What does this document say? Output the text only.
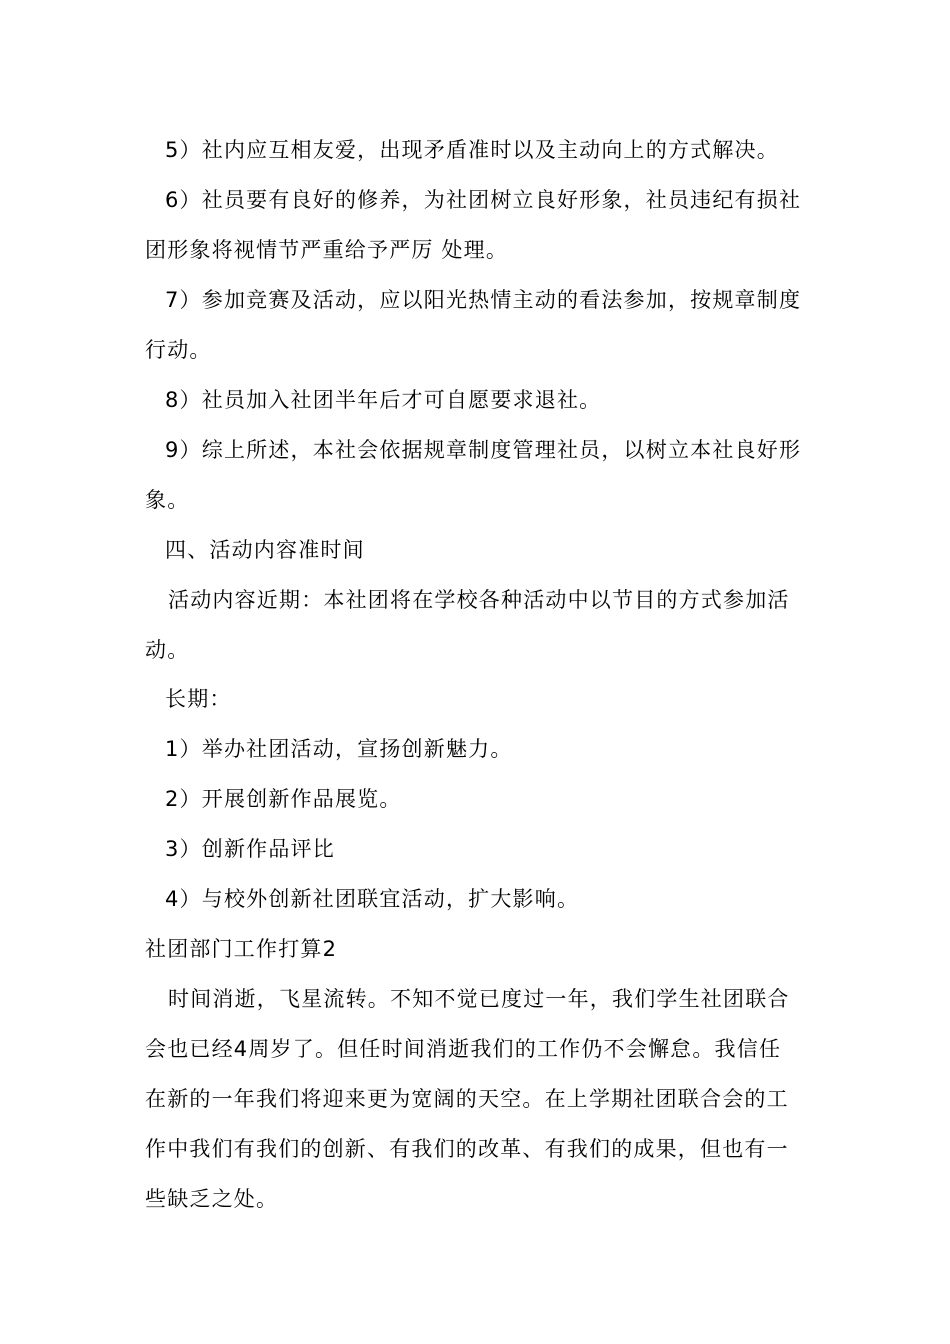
5）社内应互相友爱，出现矛盾准时以及主动向上的方式解决。
6）社员要有良好的修养，为社团树立良好形象，社员违纪有损社
团形象将视情节严重给予严厉 处理。
7）参加竞赛及活动，应以阳光热情主动的看法参加，按规章制度
行动。
8）社员加入社团半年后才可自愿要求退社。
9）综上所述，本社会依据规章制度管理社员，以树立本社良好形
象。
四、活动内容准时间
活动内容近期：本社团将在学校各种活动中以节目的方式参加活
动。
长期：
1）举办社团活动，宣扬创新魅力。
2）开展创新作品展览。
3）创新作品评比
4）与校外创新社团联宜活动，扩大影响。
社团部门工作打算2
时间消逝，飞星流转。不知不觉已度过一年，我们学生社团联合
会也已经4周岁了。但任时间消逝我们的工作仍不会懈怠。我信任
在新的一年我们将迎来更为宽阔的天空。在上学期社团联合会的工
作中我们有我们的创新、有我们的改革、有我们的成果，但也有一
些缺乏之处。
